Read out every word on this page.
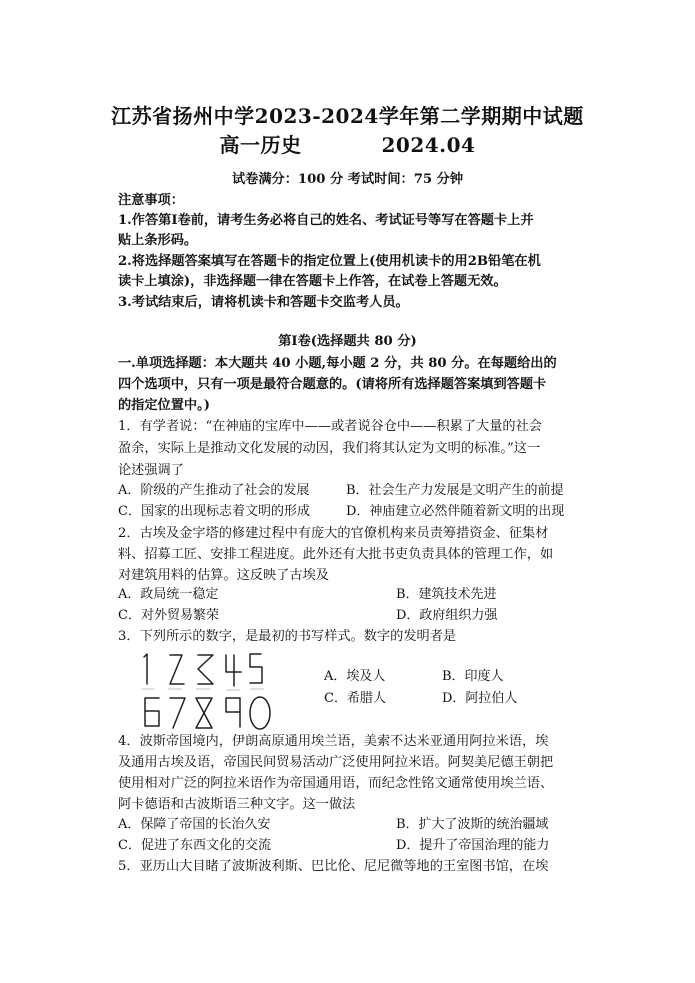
江苏省扬州中学2023-2024学年第二学期期中试题
高一历史	2024.04
试卷满分：100 分 考试时间：75 分钟
注意事项：
1.作答第Ⅰ卷前，请考生务必将自己的姓名、考试证号等写在答题卡上并
贴上条形码。
2.将选择题答案填写在答题卡的指定位置上(使用机读卡的用2B铅笔在机
读卡上填涂)，非选择题一律在答题卡上作答，在试卷上答题无效。
3.考试结束后，请将机读卡和答题卡交监考人员。
第Ⅰ卷(选择题共 80 分)
一.单项选择题：本大题共 40 小题,每小题 2 分，共 80 分。在每题给出的
四个选项中，只有一项是最符合题意的。(请将所有选择题答案填到答题卡
的指定位置中。)
1．有学者说：“在神庙的宝库中——或者说谷仓中——积累了大量的社会
盈余，实际上是推动文化发展的动因，我们将其认定为文明的标准。”这一
论述强调了
A．阶级的产生推动了社会的发展	B．社会生产力发展是文明产生的前提
C．国家的出现标志着文明的形成	D．神庙建立必然伴随着新文明的出现
2．古埃及金字塔的修建过程中有庞大的官僚机构来员责筹措资金、征集材
料、招募工匠、安排工程进度。此外还有大批书吏负责具体的管理工作，如
对建筑用料的估算。这反映了古埃及
A．政局统一稳定	B．建筑技术先进
C．对外贸易繁荣	D．政府组织力强
3．下列所示的数字，是最初的书写样式。数字的发明者是
A．埃及人	B．印度人
C．希腊人	D．阿拉伯人
4．波斯帝国境内，伊朗高原通用埃兰语，美索不达米亚通用阿拉米语，埃
及通用古埃及语，帝国民间贸易活动广泛使用阿拉米语。阿契美尼德王朝把
使用相对广泛的阿拉米语作为帝国通用语，而纪念性铭文通常使用埃兰语、
阿卡德语和古波斯语三种文字。这一做法
A．保障了帝国的长治久安	B．扩大了波斯的统治疆域
C．促进了东西文化的交流	D．提升了帝国治理的能力
5．亚历山大目睹了波斯波利斯、巴比伦、尼尼微等地的王室图书馆，在埃
